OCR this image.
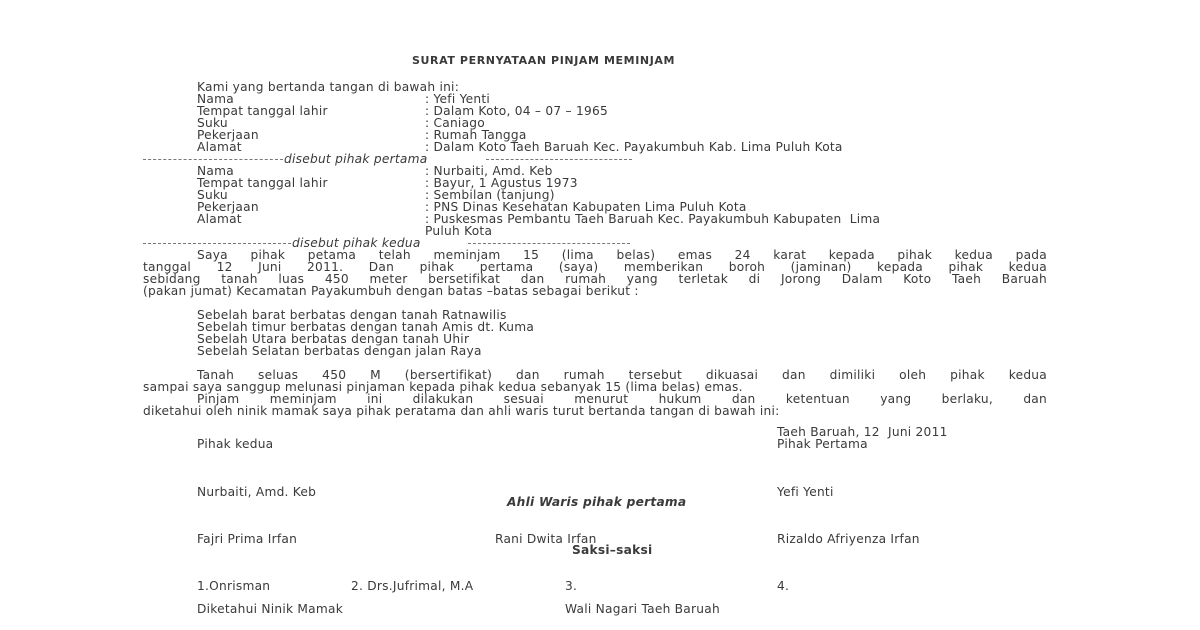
SURAT PERNYATAAN PINJAM MEMINJAM
Kami yang bertanda tangan di bawah ini:
Nama	: Yefi Yenti
Tempat tanggal lahir	: Dalam Koto, 04 – 07 – 1965
Suku	: Caniago
Pekerjaan	: Rumah Tangga
Alamat	: Dalam Koto Taeh Baruah Kec. Payakumbuh Kab. Lima Puluh Kota
disebut pihak pertama
Nama	: Nurbaiti, Amd. Keb
Tempat tanggal lahir	: Bayur, 1 Agustus 1973
Suku	: Sembilan (tanjung)
Pekerjaan	: PNS Dinas Kesehatan Kabupaten Lima Puluh Kota
Alamat	: Puskesmas Pembantu Taeh Baruah Kec. Payakumbuh Kabupaten  Lima
Puluh Kota
disebut pihak kedua
Saya pihak petama telah meminjam 15 (lima belas) emas 24 karat kepada pihak kedua pada
tanggal 12 Juni 2011. Dan pihak pertama (saya) memberikan boroh (jaminan) kepada pihak kedua
sebidang tanah luas 450 meter bersetifikat dan rumah yang terletak di Jorong Dalam Koto Taeh Baruah
(pakan jumat) Kecamatan Payakumbuh dengan batas –batas sebagai berikut :
Sebelah barat berbatas dengan tanah Ratnawilis
Sebelah timur berbatas dengan tanah Amis dt. Kuma
Sebelah Utara berbatas dengan tanah Uhir
Sebelah Selatan berbatas dengan jalan Raya
Tanah seluas 450 M (bersertifikat) dan rumah tersebut dikuasai dan dimiliki oleh pihak kedua
sampai saya sanggup melunasi pinjaman kepada pihak kedua sebanyak 15 (lima belas) emas.
Pinjam meminjam ini dilakukan sesuai menurut hukum dan ketentuan yang berlaku, dan
diketahui oleh ninik mamak saya pihak peratama dan ahli waris turut bertanda tangan di bawah ini:
Taeh Baruah, 12  Juni 2011
Pihak kedua	Pihak Pertama
Nurbaiti, Amd. Keb	Yefi Yenti
Ahli Waris pihak pertama
Fajri Prima Irfan	Rani Dwita Irfan	Rizaldo Afriyenza Irfan
Saksi–saksi
1.Onrisman	2. Drs.Jufrimal, M.A	3.	4.
Diketahui Ninik Mamak	Wali Nagari Taeh Baruah
